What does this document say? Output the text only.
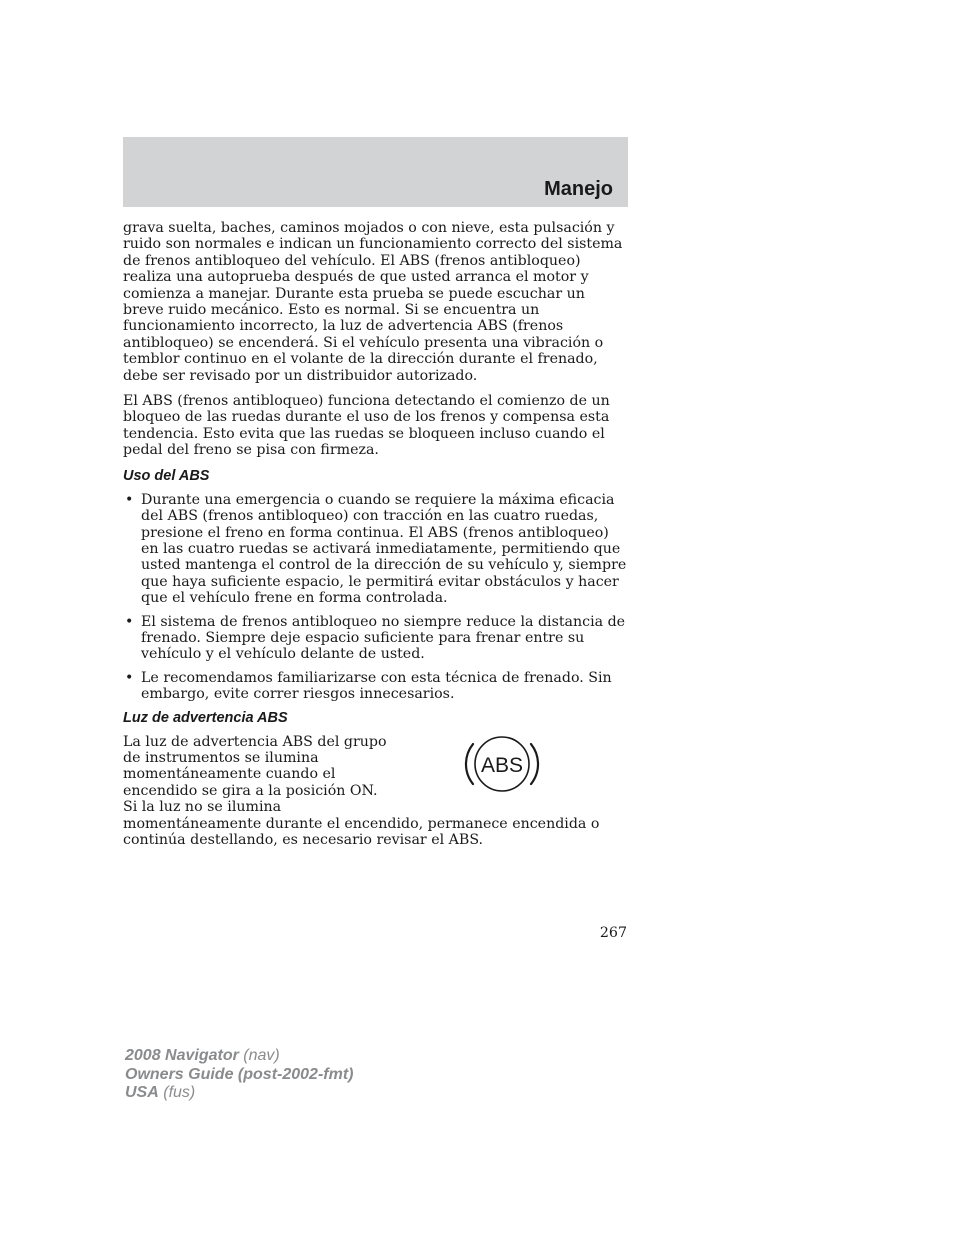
Manejo

grava suelta, baches, caminos mojados o con nieve, esta pulsación y ruido son normales e indican un funcionamiento correcto del sistema de frenos antibloqueo del vehículo. El ABS (frenos antibloqueo) realiza una autoprueba después de que usted arranca el motor y comienza a manejar. Durante esta prueba se puede escuchar un breve ruido mecánico. Esto es normal. Si se encuentra un funcionamiento incorrecto, la luz de advertencia ABS (frenos antibloqueo) se encenderá. Si el vehículo presenta una vibración o temblor continuo en el volante de la dirección durante el frenado, debe ser revisado por un distribuidor autorizado.

El ABS (frenos antibloqueo) funciona detectando el comienzo de un bloqueo de las ruedas durante el uso de los frenos y compensa esta tendencia. Esto evita que las ruedas se bloqueen incluso cuando el pedal del freno se pisa con firmeza.

Uso del ABS
• Durante una emergencia o cuando se requiere la máxima eficacia del ABS (frenos antibloqueo) con tracción en las cuatro ruedas, presione el freno en forma continua. El ABS (frenos antibloqueo) en las cuatro ruedas se activará inmediatamente, permitiendo que usted mantenga el control de la dirección de su vehículo y, siempre que haya suficiente espacio, le permitirá evitar obstáculos y hacer que el vehículo frene en forma controlada.
• El sistema de frenos antibloqueo no siempre reduce la distancia de frenado. Siempre deje espacio suficiente para frenar entre su vehículo y el vehículo delante de usted.
• Le recomendamos familiarizarse con esta técnica de frenado. Sin embargo, evite correr riesgos innecesarios.
Luz de advertencia ABS
ABS

La luz de advertencia ABS del grupo de instrumentos se ilumina momentáneamente cuando el encendido se gira a la posición ON. Si la luz no se ilumina

momentáneamente durante el encendido, permanece encendida o continúa destellando, es necesario revisar el ABS.

267
2008 Navigator (nav)
Owners Guide (post-2002-fmt)
USA (fus)
